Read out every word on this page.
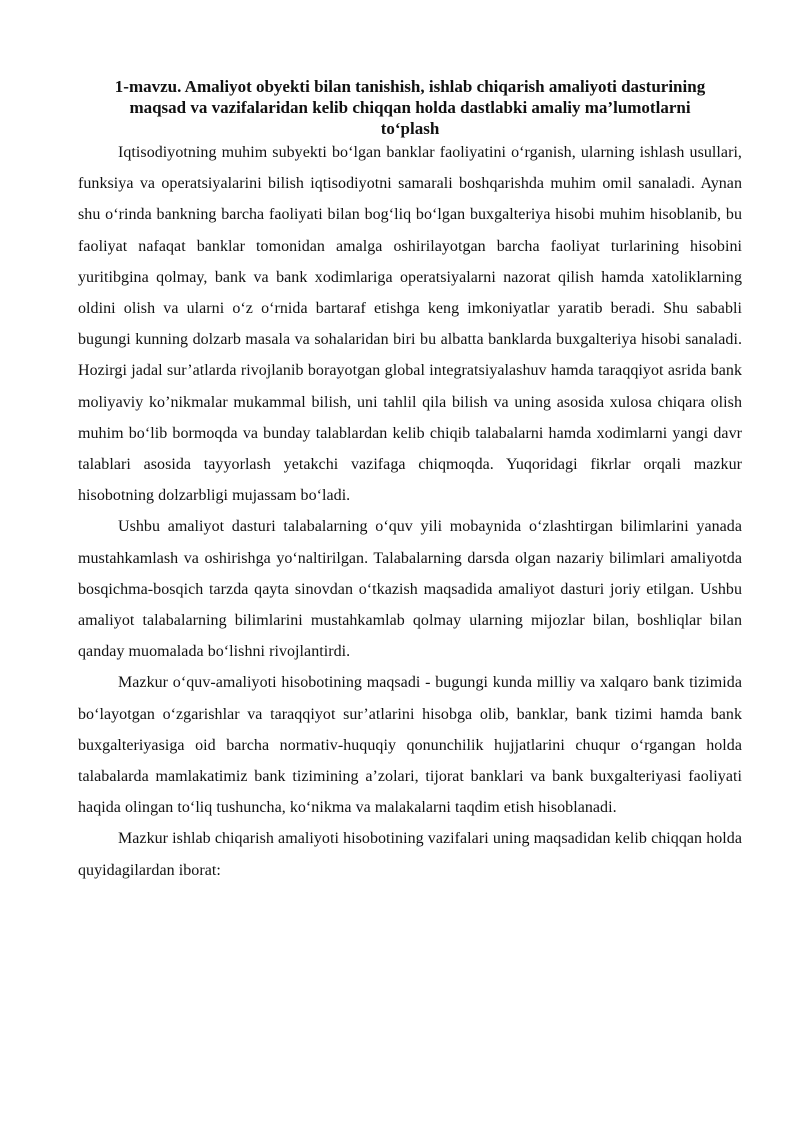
1-mavzu. Amaliyot obyekti bilan tanishish, ishlab chiqarish amaliyoti dasturining
maqsad va vazifalaridan kelib chiqqan holda dastlabki amaliy ma’lumotlarni
to‘plash

Iqtisodiyotning muhim subyekti bo‘lgan banklar faoliyatini o‘rganish, ularning ishlash usullari, funksiya va operatsiyalarini bilish iqtisodiyotni samarali boshqarishda muhim omil sanaladi. Aynan shu o‘rinda bankning barcha faoliyati bilan bog‘liq bo‘lgan buxgalteriya hisobi muhim hisoblanib, bu faoliyat nafaqat banklar tomonidan amalga oshirilayotgan barcha faoliyat turlarining hisobini yuritibgina qolmay, bank va bank xodimlariga operatsiyalarni nazorat qilish hamda xatoliklarning oldini olish va ularni o‘z o‘rnida bartaraf etishga keng imkoniyatlar yaratib beradi. Shu sababli bugungi kunning dolzarb masala va sohalaridan biri bu albatta banklarda buxgalteriya hisobi sanaladi. Hozirgi jadal sur’atlarda rivojlanib borayotgan global integratsiyalashuv hamda taraqqiyot asrida bank moliyaviy ko’nikmalar mukammal bilish, uni tahlil qila bilish va uning asosida xulosa chiqara olish muhim bo‘lib bormoqda va bunday talablardan kelib chiqib talabalarni hamda xodimlarni yangi davr talablari asosida tayyorlash yetakchi vazifaga chiqmoqda. Yuqoridagi fikrlar orqali mazkur hisobotning dolzarbligi mujassam bo‘ladi.

Ushbu amaliyot dasturi talabalarning o‘quv yili mobaynida o‘zlashtirgan bilimlarini yanada mustahkamlash va oshirishga yo‘naltirilgan. Talabalarning darsda olgan nazariy bilimlari amaliyotda bosqichma-bosqich tarzda qayta sinovdan o‘tkazish maqsadida amaliyot dasturi joriy etilgan. Ushbu amaliyot talabalarning bilimlarini mustahkamlab qolmay ularning mijozlar bilan, boshliqlar bilan qanday muomalada bo‘lishni rivojlantirdi.

Mazkur o‘quv-amaliyoti hisobotining maqsadi - bugungi kunda milliy va xalqaro bank tizimida bo‘layotgan o‘zgarishlar va taraqqiyot sur’atlarini hisobga olib, banklar, bank tizimi hamda bank buxgalteriyasiga oid barcha normativ-huquqiy qonunchilik hujjatlarini chuqur o‘rgangan holda talabalarda mamlakatimiz bank tizimining a’zolari, tijorat banklari va bank buxgalteriyasi faoliyati haqida olingan to‘liq tushuncha, ko‘nikma va malakalarni taqdim etish hisoblanadi.

Mazkur ishlab chiqarish amaliyoti hisobotining vazifalari uning maqsadidan kelib chiqqan holda quyidagilardan iborat:
